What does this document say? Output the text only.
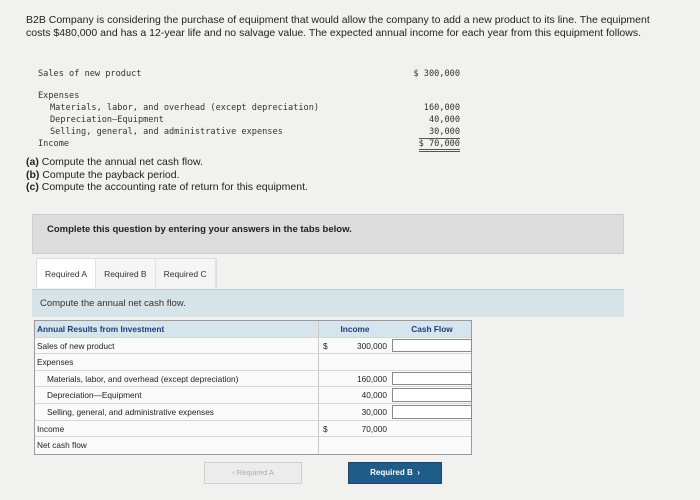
B2B Company is considering the purchase of equipment that would allow the company to add a new product to its line. The equipment costs $480,000 and has a 12-year life and no salvage value. The expected annual income for each year from this equipment follows.
Sales of new product	$ 300,000
Expenses
Materials, labor, and overhead (except depreciation)	160,000
Depreciation—Equipment	40,000
Selling, general, and administrative expenses	30,000
Income	$ 70,000
(a) Compute the annual net cash flow.
(b) Compute the payback period.
(c) Compute the accounting rate of return for this equipment.
Complete this question by entering your answers in the tabs below.
Required A	Required B	Required C
Compute the annual net cash flow.
Annual Results from Investment	Income	Cash Flow
Sales of new product	$	300,000
Expenses
Materials, labor, and overhead (except depreciation)	160,000
Depreciation—Equipment	40,000
Selling, general, and administrative expenses	30,000
Income	$	70,000
Net cash flow
‹ Required A	Required B  ›
